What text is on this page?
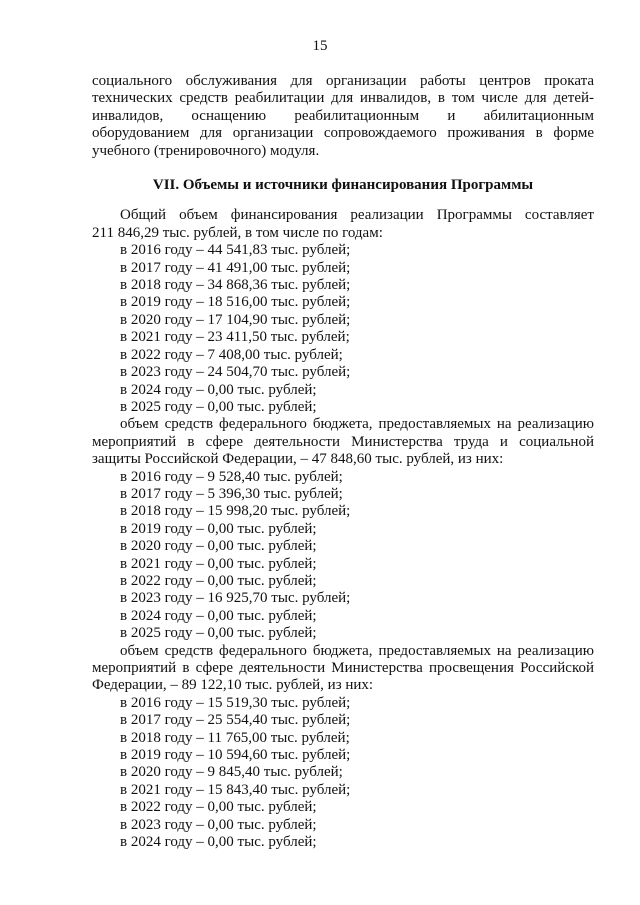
15

социального обслуживания для организации работы центров проката

технических средств реабилитации для инвалидов, в том числе для детей-

инвалидов, оснащению реабилитационным и абилитационным

оборудованием для организации сопровождаемого проживания в форме

учебного (тренировочного) модуля.

VII. Объемы и источники финансирования Программы

Общий объем финансирования реализации Программы составляет

211 846,29 тыс. рублей, в том числе по годам:

в 2016 году – 44 541,83 тыс. рублей;
в 2017 году – 41 491,00 тыс. рублей;
в 2018 году – 34 868,36 тыс. рублей;
в 2019 году – 18 516,00 тыс. рублей;
в 2020 году – 17 104,90 тыс. рублей;
в 2021 году – 23 411,50 тыс. рублей;
в 2022 году – 7 408,00 тыс. рублей;
в 2023 году – 24 504,70 тыс. рублей;
в 2024 году – 0,00 тыс. рублей;
в 2025 году – 0,00 тыс. рублей;

объем средств федерального бюджета, предоставляемых на реализацию

мероприятий в сфере деятельности Министерства труда и социальной

защиты Российской Федерации, – 47 848,60 тыс. рублей, из них:

в 2016 году – 9 528,40 тыс. рублей;
в 2017 году – 5 396,30 тыс. рублей;
в 2018 году – 15 998,20 тыс. рублей;
в 2019 году – 0,00 тыс. рублей;
в 2020 году – 0,00 тыс. рублей;
в 2021 году – 0,00 тыс. рублей;
в 2022 году – 0,00 тыс. рублей;
в 2023 году – 16 925,70 тыс. рублей;
в 2024 году – 0,00 тыс. рублей;
в 2025 году – 0,00 тыс. рублей;

объем средств федерального бюджета, предоставляемых на реализацию

мероприятий в сфере деятельности Министерства просвещения Российской

Федерации, – 89 122,10 тыс. рублей, из них:

в 2016 году – 15 519,30 тыс. рублей;
в 2017 году – 25 554,40 тыс. рублей;
в 2018 году – 11 765,00 тыс. рублей;
в 2019 году – 10 594,60 тыс. рублей;
в 2020 году – 9 845,40 тыс. рублей;
в 2021 году – 15 843,40 тыс. рублей;
в 2022 году – 0,00 тыс. рублей;
в 2023 году – 0,00 тыс. рублей;
в 2024 году – 0,00 тыс. рублей;
